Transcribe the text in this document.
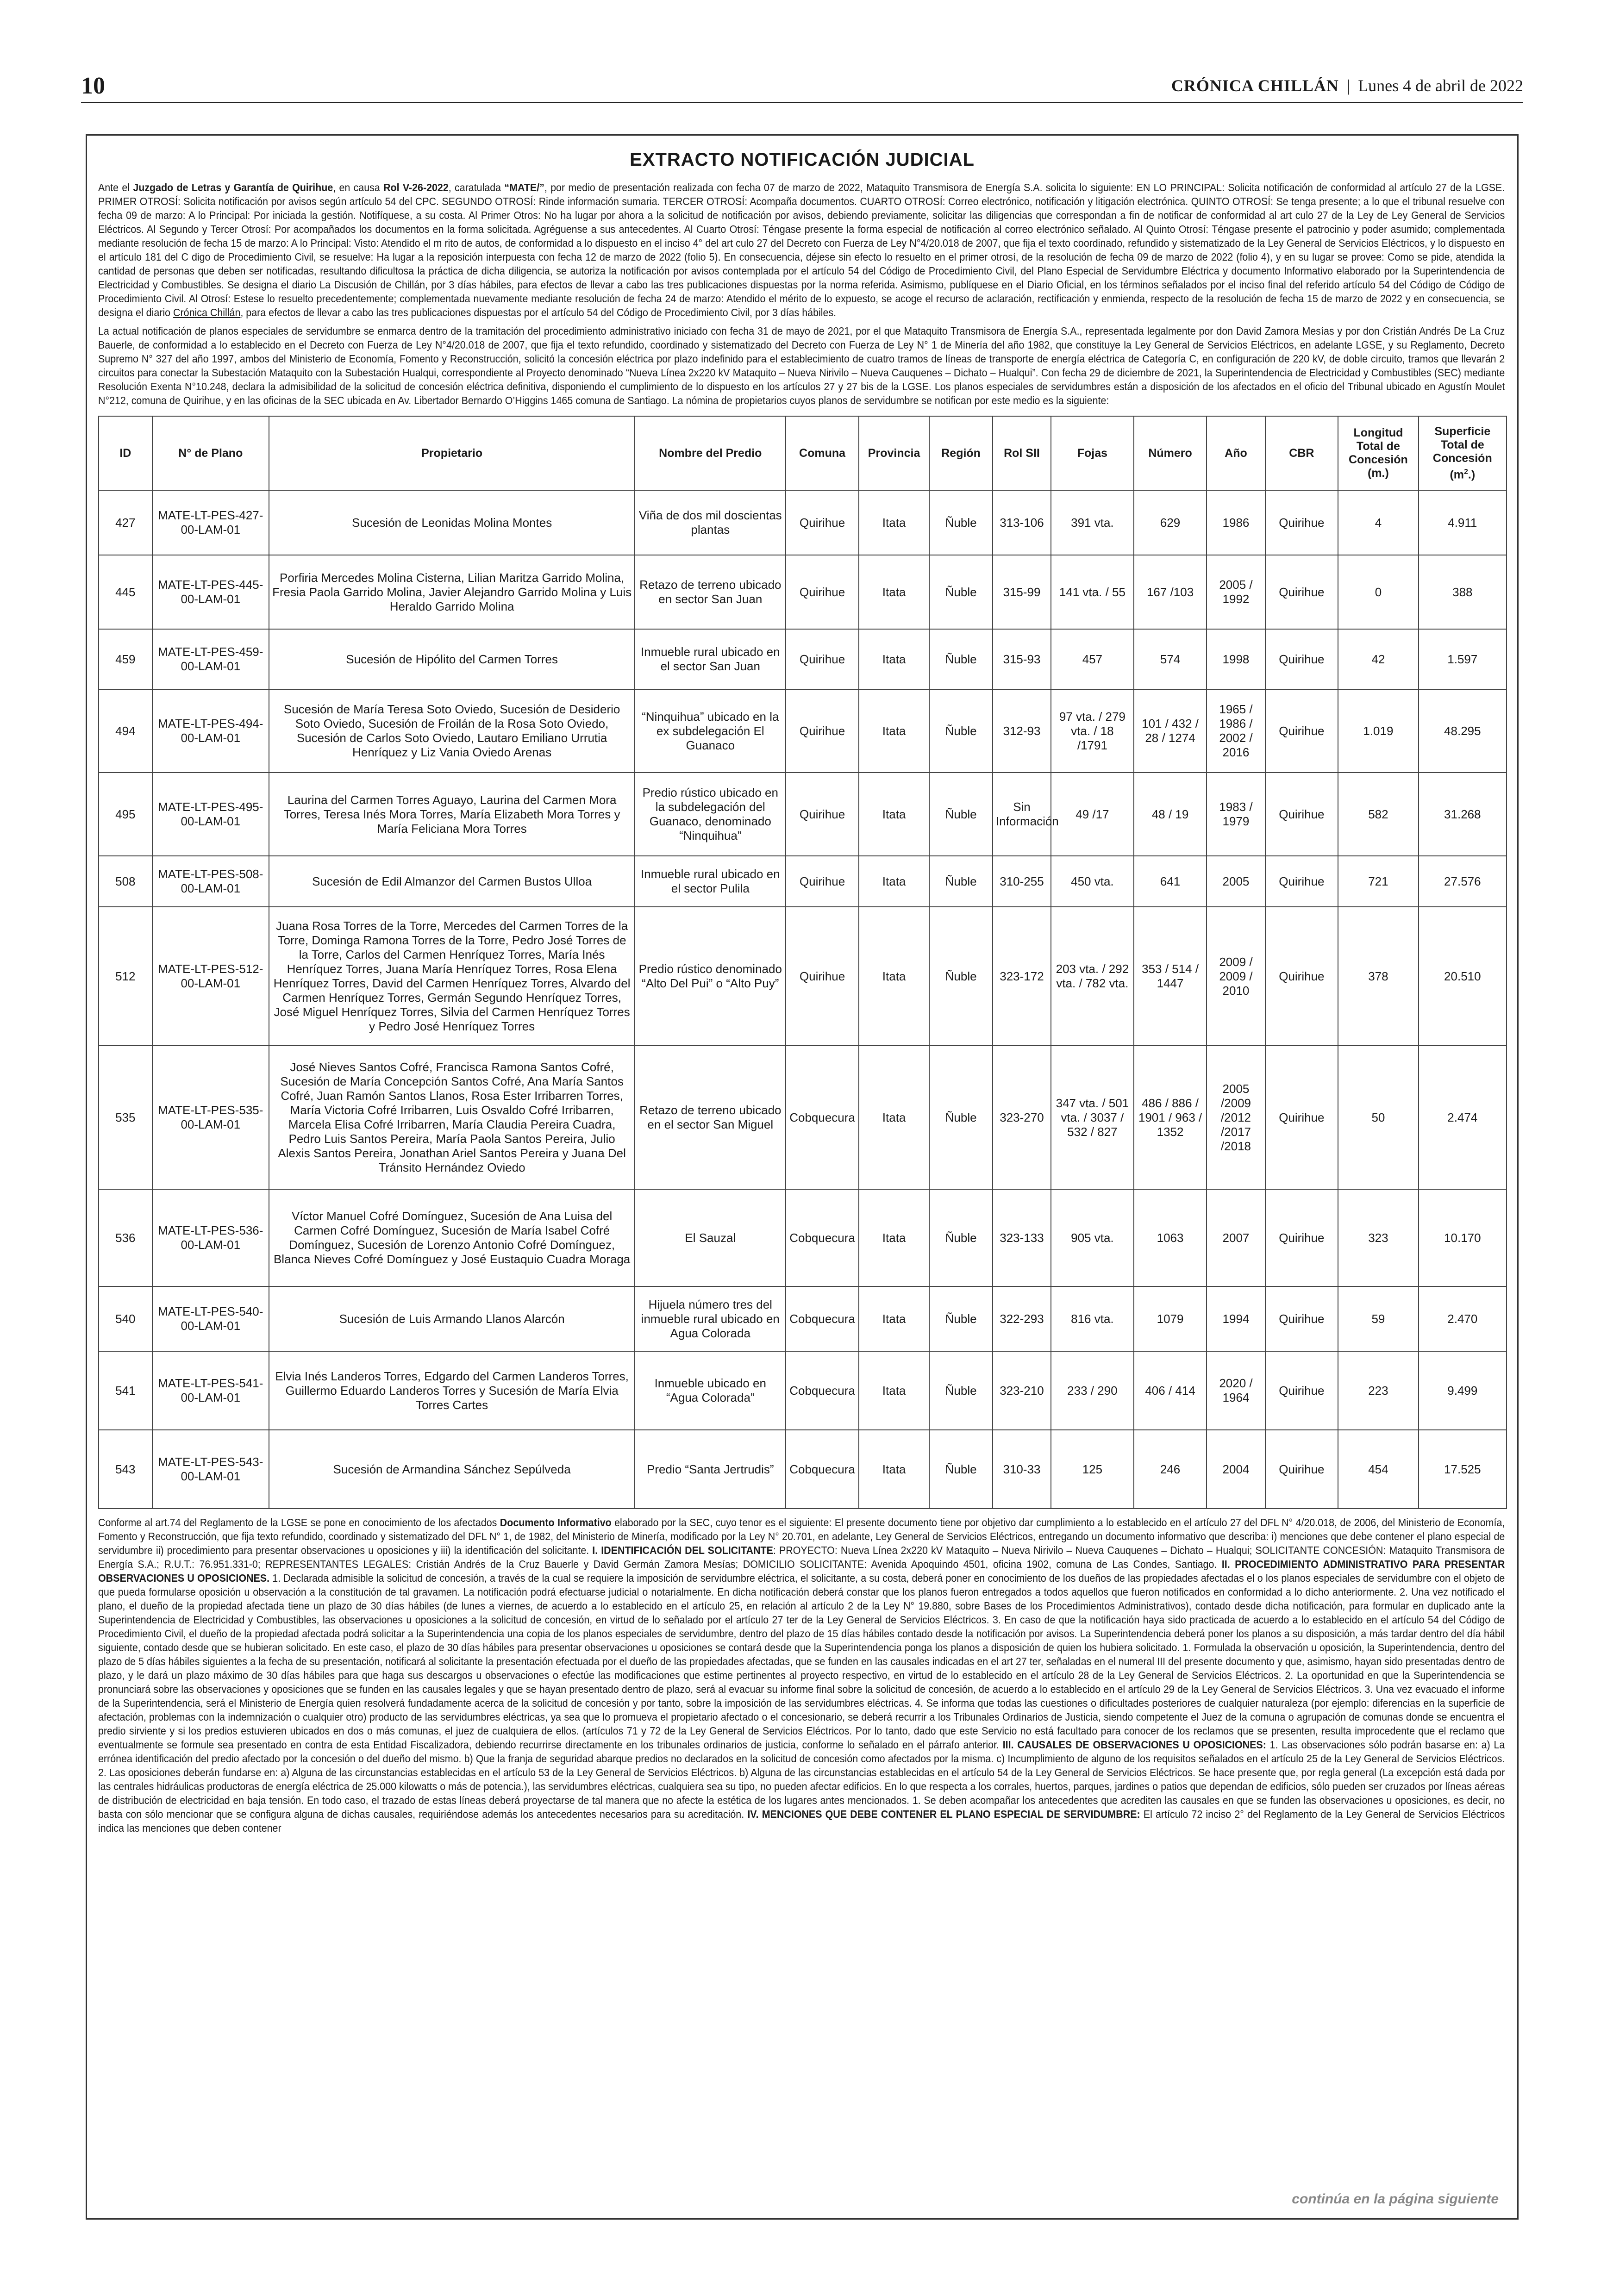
10	CRÓNICA CHILLÁN | Lunes 4 de abril de 2022
EXTRACTO NOTIFICACIÓN JUDICIAL

Ante el Juzgado de Letras y Garantía de Quirihue, en causa Rol V-26-2022, caratulada “MATE/”, por medio de presentación realizada con fecha 07 de marzo de 2022, Mataquito Transmisora de Energía S.A. solicita lo siguiente: EN LO PRINCIPAL: Solicita notificación de conformidad al artículo 27 de la LGSE. PRIMER OTROSÍ: Solicita notificación por avisos según artículo 54 del CPC. SEGUNDO OTROSÍ: Rinde información sumaria. TERCER OTROSÍ: Acompaña documentos. CUARTO OTROSÍ: Correo electrónico, notificación y litigación electrónica. QUINTO OTROSÍ: Se tenga presente; a lo que el tribunal resuelve con fecha 09 de marzo: A lo Principal: Por iniciada la gestión. Notifíquese, a su costa. Al Primer Otros: No ha lugar por ahora a la solicitud de notificación por avisos, debiendo previamente, solicitar las diligencias que correspondan a fin de notificar de conformidad al art culo 27 de la Ley de Ley General de Servicios Eléctricos. Al Segundo y Tercer Otrosí: Por acompañados los documentos en la forma solicitada. Agréguense a sus antecedentes. Al Cuarto Otrosí: Téngase presente la forma especial de notificación al correo electrónico señalado. Al Quinto Otrosí: Téngase presente el patrocinio y poder asumido; complementada mediante resolución de fecha 15 de marzo: A lo Principal: Visto: Atendido el m rito de autos, de conformidad a lo dispuesto en el inciso 4° del art culo 27 del Decreto con Fuerza de Ley N°4/20.018 de 2007, que fija el texto coordinado, refundido y sistematizado de la Ley General de Servicios Eléctricos, y lo dispuesto en el artículo 181 del C digo de Procedimiento Civil, se resuelve: Ha lugar a la reposición interpuesta con fecha 12 de marzo de 2022 (folio 5). En consecuencia, déjese sin efecto lo resuelto en el primer otrosí, de la resolución de fecha 09 de marzo de 2022 (folio 4), y en su lugar se provee: Como se pide, atendida la cantidad de personas que deben ser notificadas, resultando dificultosa la práctica de dicha diligencia, se autoriza la notificación por avisos contemplada por el artículo 54 del Código de Procedimiento Civil, del Plano Especial de Servidumbre Eléctrica y documento Informativo elaborado por la Superintendencia de Electricidad y Combustibles. Se designa el diario La Discusión de Chillán, por 3 días hábiles, para efectos de llevar a cabo las tres publicaciones dispuestas por la norma referida. Asimismo, publíquese en el Diario Oficial, en los términos señalados por el inciso final del referido artículo 54 del Código de Código de Procedimiento Civil. Al Otrosí: Estese lo resuelto precedentemente; complementada nuevamente mediante resolución de fecha 24 de marzo: Atendido el mérito de lo expuesto, se acoge el recurso de aclaración, rectificación y enmienda, respecto de la resolución de fecha 15 de marzo de 2022 y en consecuencia, se designa el diario Crónica Chillán, para efectos de llevar a cabo las tres publicaciones dispuestas por el artículo 54 del Código de Procedimiento Civil, por 3 días hábiles.

La actual notificación de planos especiales de servidumbre se enmarca dentro de la tramitación del procedimiento administrativo iniciado con fecha 31 de mayo de 2021, por el que Mataquito Transmisora de Energía S.A., representada legalmente por don David Zamora Mesías y por don Cristián Andrés De La Cruz Bauerle, de conformidad a lo establecido en el Decreto con Fuerza de Ley N°4/20.018 de 2007, que fija el texto refundido, coordinado y sistematizado del Decreto con Fuerza de Ley N° 1 de Minería del año 1982, que constituye la Ley General de Servicios Eléctricos, en adelante LGSE, y su Reglamento, Decreto Supremo N° 327 del año 1997, ambos del Ministerio de Economía, Fomento y Reconstrucción, solicitó la concesión eléctrica por plazo indefinido para el establecimiento de cuatro tramos de líneas de transporte de energía eléctrica de Categoría C, en configuración de 220 kV, de doble circuito, tramos que llevarán 2 circuitos para conectar la Subestación Mataquito con la Subestación Hualqui, correspondiente al Proyecto denominado “Nueva Línea 2x220 kV Mataquito – Nueva Nirivilo – Nueva Cauquenes – Dichato – Hualqui”. Con fecha 29 de diciembre de 2021, la Superintendencia de Electricidad y Combustibles (SEC) mediante Resolución Exenta N°10.248, declara la admisibilidad de la solicitud de concesión eléctrica definitiva, disponiendo el cumplimiento de lo dispuesto en los artículos 27 y 27 bis de la LGSE. Los planos especiales de servidumbres están a disposición de los afectados en el oficio del Tribunal ubicado en Agustín Moulet N°212, comuna de Quirihue, y en las oficinas de la SEC ubicada en Av. Libertador Bernardo O’Higgins 1465 comuna de Santiago. La nómina de propietarios cuyos planos de servidumbre se notifican por este medio es la siguiente:

ID	N° de Plano	Propietario	Nombre del Predio	Comuna	Provincia	Región	Rol SII	Fojas	Número	Año	CBR	Longitud Total de Concesión (m.)	Superficie Total de Concesión $(m^2.)$
427	MATE-LT-PES-427-00-LAM-01	Sucesión de Leonidas Molina Montes	Viña de dos mil doscientas plantas	Quirihue	Itata	Ñuble	313-106	391 vta.	629	1986	Quirihue	4	4.911
445	MATE-LT-PES-445-00-LAM-01	Porfiria Mercedes Molina Cisterna, Lilian Maritza Garrido Molina, Fresia Paola Garrido Molina, Javier Alejandro Garrido Molina y Luis Heraldo Garrido Molina	Retazo de terreno ubicado en sector San Juan	Quirihue	Itata	Ñuble	315-99	141 vta. / 55	167 /103	2005 / 1992	Quirihue	0	388
459	MATE-LT-PES-459-00-LAM-01	Sucesión de Hipólito del Carmen Torres	Inmueble rural ubicado en el sector San Juan	Quirihue	Itata	Ñuble	315-93	457	574	1998	Quirihue	42	1.597
494	MATE-LT-PES-494-00-LAM-01	Sucesión de María Teresa Soto Oviedo, Sucesión de Desiderio Soto Oviedo, Sucesión de Froilán de la Rosa Soto Oviedo, Sucesión de Carlos Soto Oviedo, Lautaro Emiliano Urrutia Henríquez y Liz Vania Oviedo Arenas	“Ninquihua” ubicado en la ex subdelegación El Guanaco	Quirihue	Itata	Ñuble	312-93	97 vta. / 279 vta. / 18 /1791	101 / 432 / 28 / 1274	1965 / 1986 / 2002 / 2016	Quirihue	1.019	48.295
495	MATE-LT-PES-495-00-LAM-01	Laurina del Carmen Torres Aguayo, Laurina del Carmen Mora Torres, Teresa Inés Mora Torres, María Elizabeth Mora Torres y María Feliciana Mora Torres	Predio rústico ubicado en la subdelegación del Guanaco, denominado “Ninquihua”	Quirihue	Itata	Ñuble	Sin Información	49 /17	48 / 19	1983 / 1979	Quirihue	582	31.268
508	MATE-LT-PES-508-00-LAM-01	Sucesión de Edil Almanzor del Carmen Bustos Ulloa	Inmueble rural ubicado en el sector Pulila	Quirihue	Itata	Ñuble	310-255	450 vta.	641	2005	Quirihue	721	27.576
512	MATE-LT-PES-512-00-LAM-01	Juana Rosa Torres de la Torre, Mercedes del Carmen Torres de la Torre, Dominga Ramona Torres de la Torre, Pedro José Torres de la Torre, Carlos del Carmen Henríquez Torres, María Inés Henríquez Torres, Juana María Henríquez Torres, Rosa Elena Henríquez Torres, David del Carmen Henríquez Torres, Alvardo del Carmen Henríquez Torres, Germán Segundo Henríquez Torres, José Miguel Henríquez Torres, Silvia del Carmen Henríquez Torres y Pedro José Henríquez Torres	Predio rústico denominado “Alto Del Pui” o “Alto Puy”	Quirihue	Itata	Ñuble	323-172	203 vta. / 292 vta. / 782 vta.	353 / 514 / 1447	2009 / 2009 / 2010	Quirihue	378	20.510
535	MATE-LT-PES-535-00-LAM-01	José Nieves Santos Cofré, Francisca Ramona Santos Cofré, Sucesión de María Concepción Santos Cofré, Ana María Santos Cofré, Juan Ramón Santos Llanos, Rosa Ester Irribarren Torres, María Victoria Cofré Irribarren, Luis Osvaldo Cofré Irribarren, Marcela Elisa Cofré Irribarren, María Claudia Pereira Cuadra, Pedro Luis Santos Pereira, María Paola Santos Pereira, Julio Alexis Santos Pereira, Jonathan Ariel Santos Pereira y Juana Del Tránsito Hernández Oviedo	Retazo de terreno ubicado en el sector San Miguel	Cobquecura	Itata	Ñuble	323-270	347 vta. / 501 vta. / 3037 / 532 / 827	486 / 886 / 1901 / 963 / 1352	2005 /2009 /2012 /2017 /2018	Quirihue	50	2.474
536	MATE-LT-PES-536-00-LAM-01	Víctor Manuel Cofré Domínguez, Sucesión de Ana Luisa del Carmen Cofré Domínguez, Sucesión de María Isabel Cofré Domínguez, Sucesión de Lorenzo Antonio Cofré Domínguez, Blanca Nieves Cofré Domínguez y José Eustaquio Cuadra Moraga	El Sauzal	Cobquecura	Itata	Ñuble	323-133	905 vta.	1063	2007	Quirihue	323	10.170
540	MATE-LT-PES-540-00-LAM-01	Sucesión de Luis Armando Llanos Alarcón	Hijuela número tres del inmueble rural ubicado en Agua Colorada	Cobquecura	Itata	Ñuble	322-293	816 vta.	1079	1994	Quirihue	59	2.470
541	MATE-LT-PES-541-00-LAM-01	Elvia Inés Landeros Torres, Edgardo del Carmen Landeros Torres, Guillermo Eduardo Landeros Torres y Sucesión de María Elvia Torres Cartes	Inmueble ubicado en “Agua Colorada”	Cobquecura	Itata	Ñuble	323-210	233 / 290	406 / 414	2020 / 1964	Quirihue	223	9.499
543	MATE-LT-PES-543-00-LAM-01	Sucesión de Armandina Sánchez Sepúlveda	Predio “Santa Jertrudis”	Cobquecura	Itata	Ñuble	310-33	125	246	2004	Quirihue	454	17.525

Conforme al art.74 del Reglamento de la LGSE se pone en conocimiento de los afectados Documento Informativo elaborado por la SEC, cuyo tenor es el siguiente: El presente documento tiene por objetivo dar cumplimiento a lo establecido en el artículo 27 del DFL N° 4/20.018, de 2006, del Ministerio de Economía, Fomento y Reconstrucción, que fija texto refundido, coordinado y sistematizado del DFL N° 1, de 1982, del Ministerio de Minería, modificado por la Ley N° 20.701, en adelante, Ley General de Servicios Eléctricos, entregando un documento informativo que describa: i) menciones que debe contener el plano especial de servidumbre ii) procedimiento para presentar observaciones u oposiciones y iii) la identificación del solicitante. I. IDENTIFICACIÓN DEL SOLICITANTE: PROYECTO: Nueva Línea 2x220 kV Mataquito – Nueva Nirivilo – Nueva Cauquenes – Dichato – Hualqui; SOLICITANTE CONCESIÓN: Mataquito Transmisora de Energía S.A.; R.U.T.: 76.951.331-0; REPRESENTANTES LEGALES: Cristián Andrés de la Cruz Bauerle y David Germán Zamora Mesías; DOMICILIO SOLICITANTE: Avenida Apoquindo 4501, oficina 1902, comuna de Las Condes, Santiago. II. PROCEDIMIENTO ADMINISTRATIVO PARA PRESENTAR OBSERVACIONES U OPOSICIONES. 1. Declarada admisible la solicitud de concesión, a través de la cual se requiere la imposición de servidumbre eléctrica, el solicitante, a su costa, deberá poner en conocimiento de los dueños de las propiedades afectadas el o los planos especiales de servidumbre con el objeto de que pueda formularse oposición u observación a la constitución de tal gravamen. La notificación podrá efectuarse judicial o notarialmente. En dicha notificación deberá constar que los planos fueron entregados a todos aquellos que fueron notificados en conformidad a lo dicho anteriormente. 2. Una vez notificado el plano, el dueño de la propiedad afectada tiene un plazo de 30 días hábiles (de lunes a viernes, de acuerdo a lo establecido en el artículo 25, en relación al artículo 2 de la Ley N° 19.880, sobre Bases de los Procedimientos Administrativos), contado desde dicha notificación, para formular en duplicado ante la Superintendencia de Electricidad y Combustibles, las observaciones u oposiciones a la solicitud de concesión, en virtud de lo señalado por el artículo 27 ter de la Ley General de Servicios Eléctricos. 3. En caso de que la notificación haya sido practicada de acuerdo a lo establecido en el artículo 54 del Código de Procedimiento Civil, el dueño de la propiedad afectada podrá solicitar a la Superintendencia una copia de los planos especiales de servidumbre, dentro del plazo de 15 días hábiles contado desde la notificación por avisos. La Superintendencia deberá poner los planos a su disposición, a más tardar dentro del día hábil siguiente, contado desde que se hubieran solicitado. En este caso, el plazo de 30 días hábiles para presentar observaciones u oposiciones se contará desde que la Superintendencia ponga los planos a disposición de quien los hubiera solicitado. 1. Formulada la observación u oposición, la Superintendencia, dentro del plazo de 5 días hábiles siguientes a la fecha de su presentación, notificará al solicitante la presentación efectuada por el dueño de las propiedades afectadas, que se funden en las causales indicadas en el art 27 ter, señaladas en el numeral III del presente documento y que, asimismo, hayan sido presentadas dentro de plazo, y le dará un plazo máximo de 30 días hábiles para que haga sus descargos u observaciones o efectúe las modificaciones que estime pertinentes al proyecto respectivo, en virtud de lo establecido en el artículo 28 de la Ley General de Servicios Eléctricos. 2. La oportunidad en que la Superintendencia se pronunciará sobre las observaciones y oposiciones que se funden en las causales legales y que se hayan presentado dentro de plazo, será al evacuar su informe final sobre la solicitud de concesión, de acuerdo a lo establecido en el artículo 29 de la Ley General de Servicios Eléctricos. 3. Una vez evacuado el informe de la Superintendencia, será el Ministerio de Energía quien resolverá fundadamente acerca de la solicitud de concesión y por tanto, sobre la imposición de las servidumbres eléctricas. 4. Se informa que todas las cuestiones o dificultades posteriores de cualquier naturaleza (por ejemplo: diferencias en la superficie de afectación, problemas con la indemnización o cualquier otro) producto de las servidumbres eléctricas, ya sea que lo promueva el propietario afectado o el concesionario, se deberá recurrir a los Tribunales Ordinarios de Justicia, siendo competente el Juez de la comuna o agrupación de comunas donde se encuentra el predio sirviente y si los predios estuvieren ubicados en dos o más comunas, el juez de cualquiera de ellos. (artículos 71 y 72 de la Ley General de Servicios Eléctricos. Por lo tanto, dado que este Servicio no está facultado para conocer de los reclamos que se presenten, resulta improcedente que el reclamo que eventualmente se formule sea presentado en contra de esta Entidad Fiscalizadora, debiendo recurrirse directamente en los tribunales ordinarios de justicia, conforme lo señalado en el párrafo anterior. III. CAUSALES DE OBSERVACIONES U OPOSICIONES: 1. Las observaciones sólo podrán basarse en: a) La errónea identificación del predio afectado por la concesión o del dueño del mismo. b) Que la franja de seguridad abarque predios no declarados en la solicitud de concesión como afectados por la misma. c) Incumplimiento de alguno de los requisitos señalados en el artículo 25 de la Ley General de Servicios Eléctricos. 2. Las oposiciones deberán fundarse en: a) Alguna de las circunstancias establecidas en el artículo 53 de la Ley General de Servicios Eléctricos. b) Alguna de las circunstancias establecidas en el artículo 54 de la Ley General de Servicios Eléctricos. Se hace presente que, por regla general (La excepción está dada por las centrales hidráulicas productoras de energía eléctrica de 25.000 kilowatts o más de potencia.), las servidumbres eléctricas, cualquiera sea su tipo, no pueden afectar edificios. En lo que respecta a los corrales, huertos, parques, jardines o patios que dependan de edificios, sólo pueden ser cruzados por líneas aéreas de distribución de electricidad en baja tensión. En todo caso, el trazado de estas líneas deberá proyectarse de tal manera que no afecte la estética de los lugares antes mencionados. 1. Se deben acompañar los antecedentes que acrediten las causales en que se funden las observaciones u oposiciones, es decir, no basta con sólo mencionar que se configura alguna de dichas causales, requiriéndose además los antecedentes necesarios para su acreditación. IV. MENCIONES QUE DEBE CONTENER EL PLANO ESPECIAL DE SERVIDUMBRE: El artículo 72 inciso 2° del Reglamento de la Ley General de Servicios Eléctricos indica las menciones que deben contener

continúa en la página siguiente
